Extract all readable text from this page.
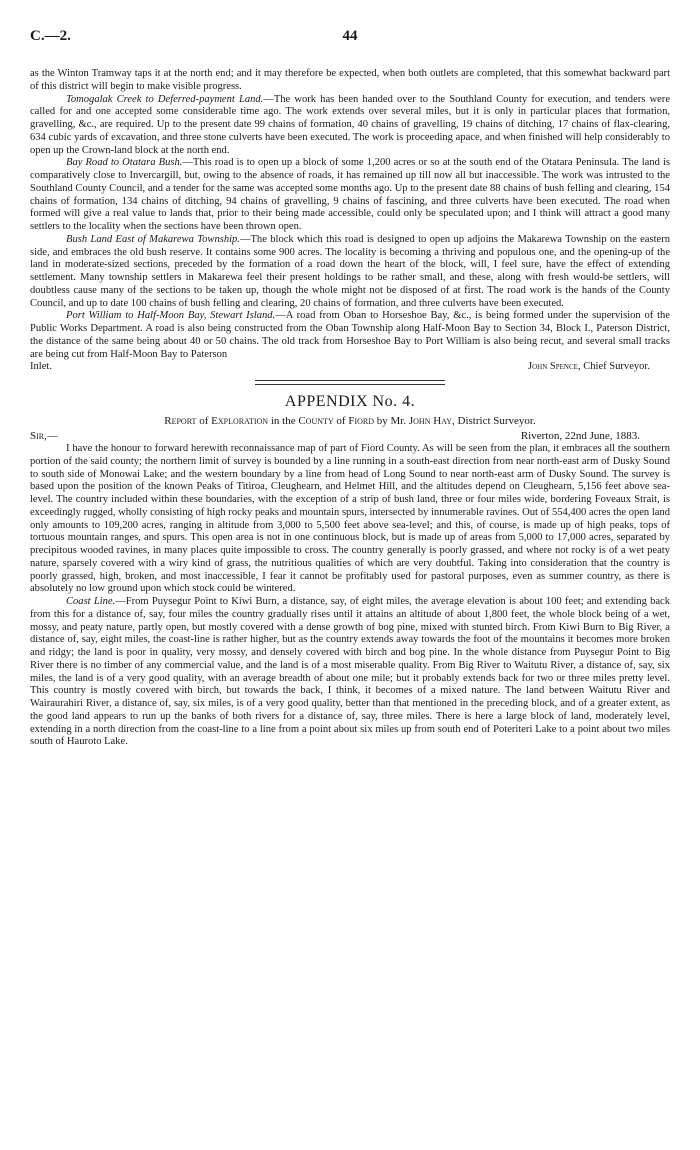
C.—2.	44

as the Winton Tramway taps it at the north end; and it may therefore be expected, when both outlets are completed, that this somewhat backward part of this district will begin to make visible progress.

Tomogalak Creek to Deferred-payment Land.—The work has been handed over to the Southland County for execution, and tenders were called for and one accepted some considerable time ago. The work extends over several miles, but it is only in particular places that formation, gravelling, &c., are required. Up to the present date 99 chains of formation, 40 chains of gravelling, 19 chains of ditching, 17 chains of flax-clearing, 634 cubic yards of excavation, and three stone culverts have been executed. The work is proceeding apace, and when finished will help considerably to open up the Crown-land block at the north end.

Bay Road to Otatara Bush.—This road is to open up a block of some 1,200 acres or so at the south end of the Otatara Peninsula. The land is comparatively close to Invercargill, but, owing to the absence of roads, it has remained up till now all but inaccessible. The work was intrusted to the Southland County Council, and a tender for the same was accepted some months ago. Up to the present date 88 chains of bush felling and clearing, 154 chains of formation, 134 chains of ditching, 94 chains of gravelling, 9 chains of fascining, and three culverts have been executed. The road when formed will give a real value to lands that, prior to their being made accessible, could only be speculated upon; and I think will attract a good many settlers to the locality when the sections have been thrown open.

Bush Land East of Makarewa Township.—The block which this road is designed to open up adjoins the Makarewa Township on the eastern side, and embraces the old bush reserve. It contains some 900 acres. The locality is becoming a thriving and populous one, and the opening-up of the land in moderate-sized sections, preceded by the formation of a road down the heart of the block, will, I feel sure, have the effect of extending settlement. Many township settlers in Makarewa feel their present holdings to be rather small, and these, along with fresh would-be settlers, will doubtless cause many of the sections to be taken up, though the whole might not be disposed of at first. The road work is the hands of the County Council, and up to date 100 chains of bush felling and clearing, 20 chains of formation, and three culverts have been executed.

Port William to Half-Moon Bay, Stewart Island.—A road from Oban to Horseshoe Bay, &c., is being formed under the supervision of the Public Works Department. A road is also being constructed from the Oban Township along Half-Moon Bay to Section 34, Block I., Paterson District, the distance of the same being about 40 or 50 chains. The old track from Horseshoe Bay to Port William is also being recut, and several small tracks are being cut from Half-Moon Bay to Paterson

Inlet.	John Spence, Chief Surveyor.
APPENDIX No. 4.
Report of Exploration in the County of Fiord by Mr. John Hay, District Surveyor.
Sir,—	Riverton, 22nd June, 1883.

I have the honour to forward herewith reconnaissance map of part of Fiord County. As will be seen from the plan, it embraces all the southern portion of the said county; the northern limit of survey is bounded by a line running in a south-east direction from near north-east arm of Dusky Sound to south side of Monowai Lake; and the western boundary by a line from head of Long Sound to near north-east arm of Dusky Sound. The survey is based upon the position of the known Peaks of Titiroa, Cleughearn, and Helmet Hill, and the altitudes depend on Cleughearn, 5,156 feet above sea-level. The country included within these boundaries, with the exception of a strip of bush land, three or four miles wide, bordering Foveaux Strait, is exceedingly rugged, wholly consisting of high rocky peaks and mountain spurs, intersected by innumerable ravines. Out of 554,400 acres the open land only amounts to 109,200 acres, ranging in altitude from 3,000 to 5,500 feet above sea-level; and this, of course, is made up of high peaks, tops of tortuous mountain ranges, and spurs. This open area is not in one continuous block, but is made up of areas from 5,000 to 17,000 acres, separated by precipitous wooded ravines, in many places quite impossible to cross. The country generally is poorly grassed, and where not rocky is of a wet peaty nature, sparsely covered with a wiry kind of grass, the nutritious qualities of which are very doubtful. Taking into consideration that the country is poorly grassed, high, broken, and most inaccessible, I fear it cannot be profitably used for pastoral purposes, even as summer country, as there is absolutely no low ground upon which stock could be wintered.

Coast Line.—From Puysegur Point to Kiwi Burn, a distance, say, of eight miles, the average elevation is about 100 feet; and extending back from this for a distance of, say, four miles the country gradually rises until it attains an altitude of about 1,800 feet, the whole block being of a wet, mossy, and peaty nature, partly open, but mostly covered with a dense growth of bog pine, mixed with stunted birch. From Kiwi Burn to Big River, a distance of, say, eight miles, the coast-line is rather higher, but as the country extends away towards the foot of the mountains it becomes more broken and ridgy; the land is poor in quality, very mossy, and densely covered with birch and bog pine. In the whole distance from Puysegur Point to Big River there is no timber of any commercial value, and the land is of a most miserable quality. From Big River to Waitutu River, a distance of, say, six miles, the land is of a very good quality, with an average breadth of about one mile; but it probably extends back for two or three miles pretty level. This country is mostly covered with birch, but towards the back, I think, it becomes of a mixed nature. The land between Waitutu River and Wairaurahiri River, a distance of, say, six miles, is of a very good quality, better than that mentioned in the preceding block, and of a greater extent, as the good land appears to run up the banks of both rivers for a distance of, say, three miles. There is here a large block of land, moderately level, extending in a north direction from the coast-line to a line from a point about six miles up from south end of Poteriteri Lake to a point about two miles south of Hauroto Lake.
